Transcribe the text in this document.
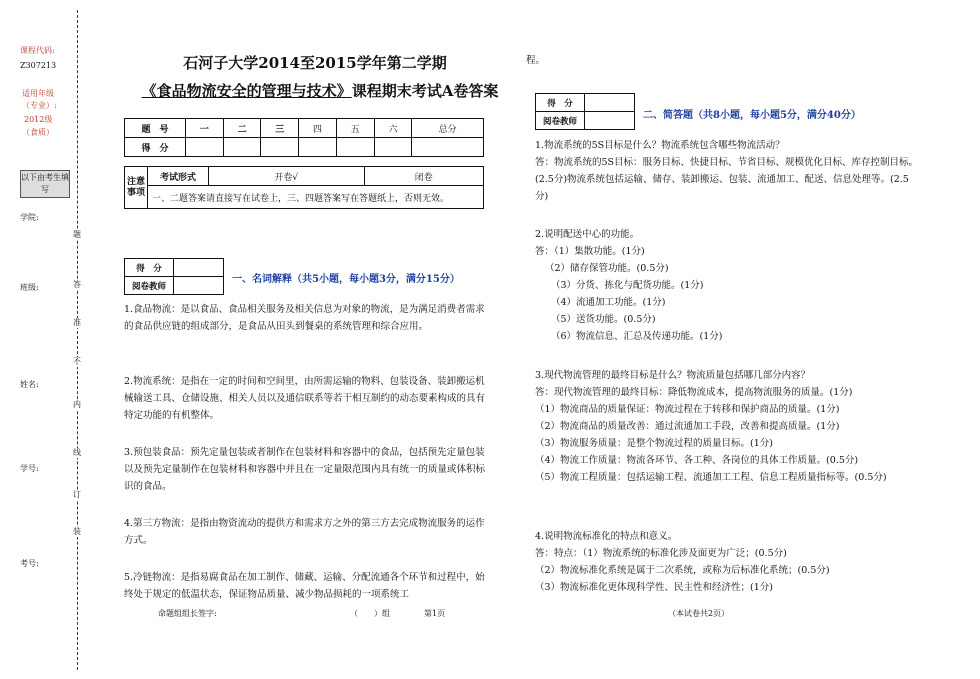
课程代码:
Z307213
适用年级
（专业）:
2012级
（食质）
以下由考生填写
学院:
班级:
姓名:
学号:
考号:
装
订
线
内
不
准
答
题
石河子大学2014至2015学年第二学期
《食品物流安全的管理与技术》课程期末考试A卷答案
题　号	一	二	三	四	五	六	总分
得　分							
注意事项	考试形式	开卷√	闭卷
一、二题答案请直接写在试卷上，三、四题答案写在答题纸上，否则无效。
得　分	
阅卷教师	
一、名词解释（共5小题，每小题3分，满分15分）

1.食品物流：是以食品、食品相关服务及相关信息为对象的物流，是为满足消费者需求的食品供应链的组成部分，是食品从田头到餐桌的系统管理和综合应用。

2.物流系统：是指在一定的时间和空间里，由所需运输的物料、包装设备、装卸搬运机械输送工具、仓储设施、相关人员以及通信联系等若干相互制约的动态要素构成的具有特定功能的有机整体。

3.预包装食品：预先定量包装或者制作在包装材料和容器中的食品，包括预先定量包装以及预先定量制作在包装材料和容器中并且在一定量限范围内具有统一的质量或体积标识的食品。

4.第三方物流：是指由物资流动的提供方和需求方之外的第三方去完成物流服务的运作方式。

5.冷链物流：是指易腐食品在加工制作、储藏、运输、分配流通各个环节和过程中，始终处于规定的低温状态，保证物品质量、减少物品损耗的一项系统工

命题组组长签字:	（　　）组	第1页	（本试卷共2页）
程。
得　分	
阅卷教师	
二、简答题（共8小题，每小题5分，满分40分）

1.物流系统的5S目标是什么？物流系统包含哪些物流活动？

答：物流系统的5S目标：服务目标、快捷目标、节省目标、规模优化目标、库存控制目标。(2.5分)物流系统包括运输、储存、装卸搬运、包装、流通加工、配送、信息处理等。(2.5分)

2.说明配送中心的功能。

答：（1）集散功能。(1分)

（2）储存保管功能。(0.5分)

（3）分货、拣化与配货功能。(1分)

（4）流通加工功能。(1分)

（5）送货功能。(0.5分)

（6）物流信息、汇总及传递功能。(1分)

3.现代物流管理的最终目标是什么？物流质量包括哪几部分内容？

答：现代物流管理的最终目标：降低物流成本，提高物流服务的质量。(1分)

（1）物流商品的质量保证：物流过程在于转移和保护商品的质量。(1分)

（2）物流商品的质量改善：通过流通加工手段，改善和提高质量。(1分)

（3）物流服务质量：是整个物流过程的质量目标。(1分)

（4）物流工作质量：物流各环节、各工种、各岗位的具体工作质量。(0.5分)

（5）物流工程质量：包括运输工程、流通加工工程、信息工程质量指标等。(0.5分)

4.说明物流标准化的特点和意义。

答：特点：（1）物流系统的标准化涉及面更为广泛；(0.5分)

（2）物流标准化系统是属于二次系统，或称为后标准化系统；(0.5分)

（3）物流标准化更体现科学性、民主性和经济性；(1分)
